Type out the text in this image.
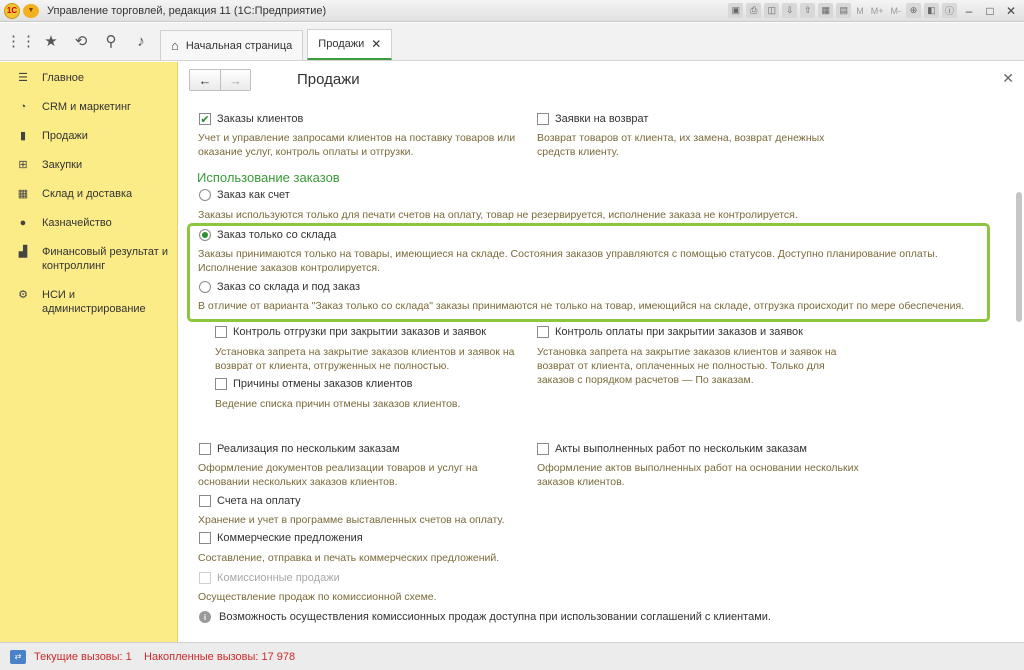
1С	▼	Управление торговлей, редакция 11 (1С:Предприятие)	▣	⎙	◫	⇩	⇧	▦	▤ M M+ M- ⊕	◧	ⓘ –	□	✕
⋮⋮ ★	⟲	⚲	♪	⌂ Начальная страница Продажи ✕
☰ Главное
◔	CRM и маркетинг
▮	Продажи
⊞ Закупки
▦ Склад и доставка
●	Казначейство
▟ Финансовый результат и контроллинг
⚙ НСИ и администрирование
←	→	Продажи	✕
✔ Заказы клиентов
Учет и управление запросами клиентов на поставку товаров или оказание услуг, контроль оплаты и отгрузки.
Заявки на возврат
Возврат товаров от клиента, их замена, возврат денежных средств клиенту.
Использование заказов
Заказ как счет
Заказы используются только для печати счетов на оплату, товар не резервируется, исполнение заказа не контролируется.
Заказ только со склада
Заказы принимаются только на товары, имеющиеся на складе. Состояния заказов управляются с помощью статусов. Доступно планирование оплаты. Исполнение заказов контролируется.
Заказ со склада и под заказ
В отличие от варианта "Заказ только со склада" заказы принимаются не только на товар, имеющийся на складе, отгрузка происходит по мере обеспечения.
Контроль отгрузки при закрытии заказов и заявок
Установка запрета на закрытие заказов клиентов и заявок на возврат от клиента, отгруженных не полностью.
Контроль оплаты при закрытии заказов и заявок
Установка запрета на закрытие заказов клиентов и заявок на возврат от клиента, оплаченных не полностью. Только для заказов с порядком расчетов — По заказам.
Причины отмены заказов клиентов
Ведение списка причин отмены заказов клиентов.
Реализация по нескольким заказам
Оформление документов реализации товаров и услуг на основании нескольких заказов клиентов.
Акты выполненных работ по нескольким заказам
Оформление актов выполненных работ на основании нескольких заказов клиентов.
Счета на оплату
Хранение и учет в программе выставленных счетов на оплату.
Коммерческие предложения
Составление, отправка и печать коммерческих предложений.
Комиссионные продажи
Осуществление продаж по комиссионной схеме.
i	Возможность осуществления комиссионных продаж доступна при использовании соглашений с клиентами.
⇄	Текущие вызовы: 1    Накопленные вызовы: 17 978
